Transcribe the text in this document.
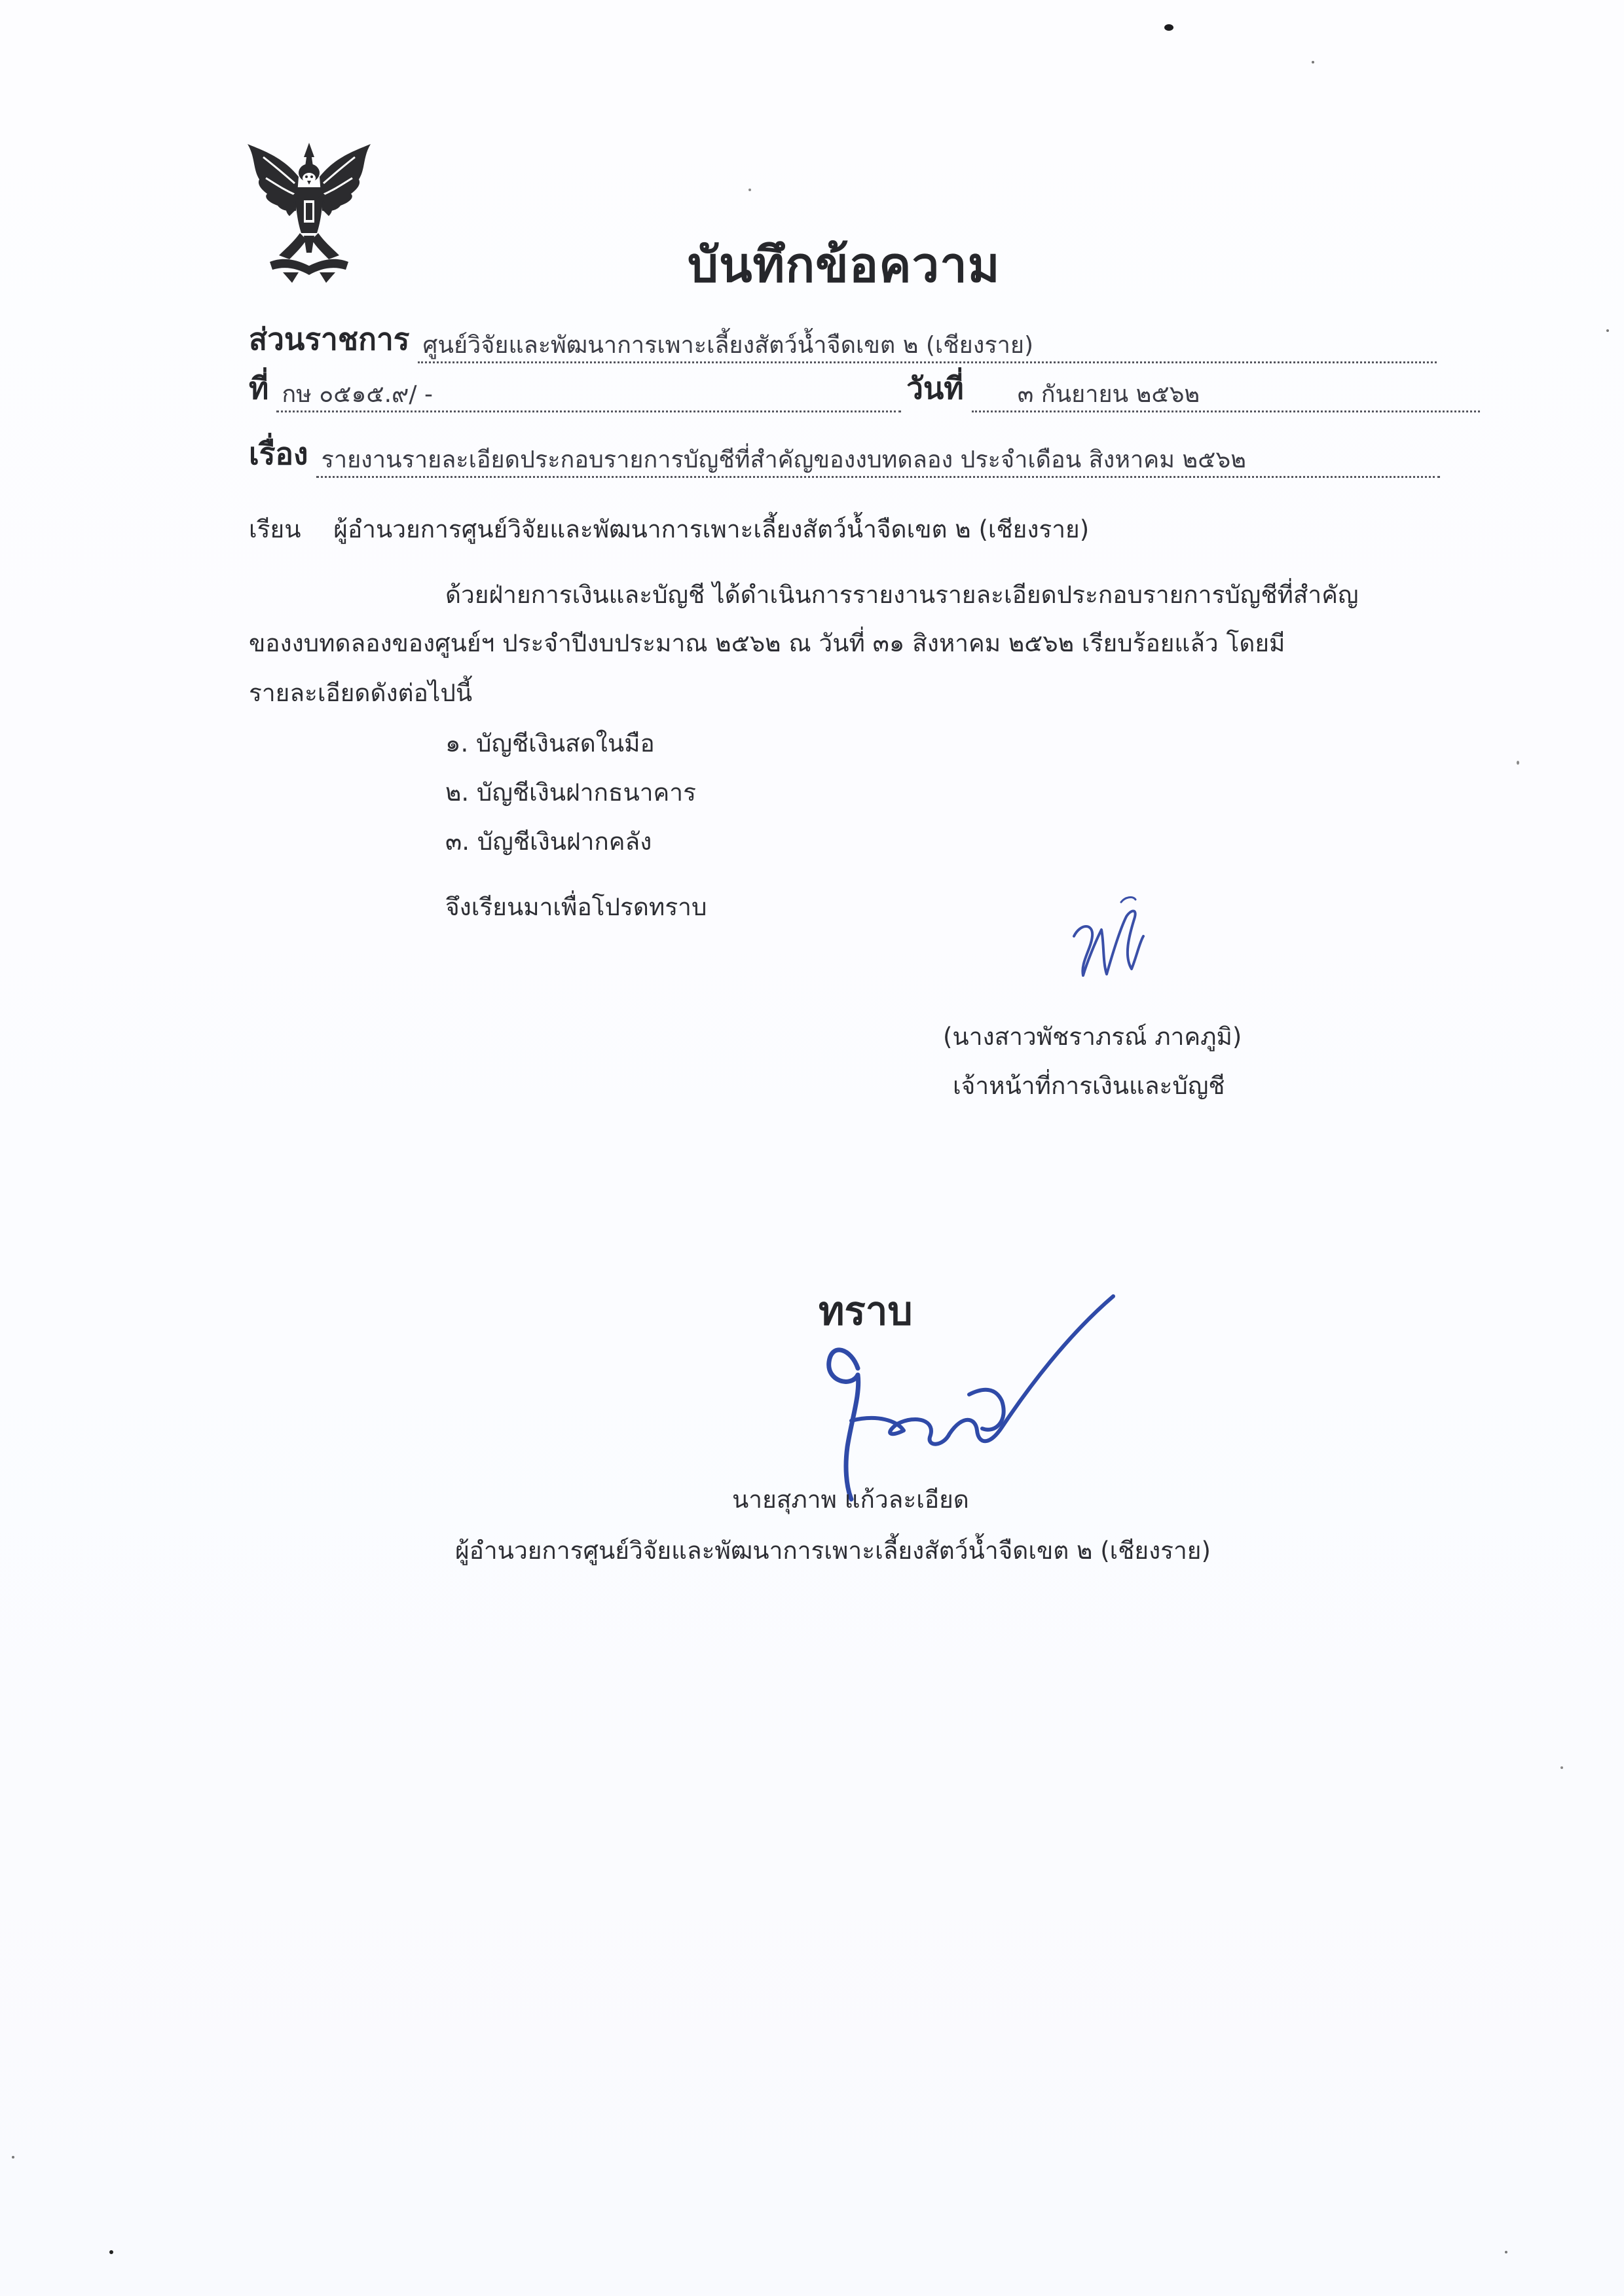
บันทึกข้อความ
ส่วนราชการ ศูนย์วิจัยและพัฒนาการเพาะเลี้ยงสัตว์น้ำจืดเขต ๒ (เชียงราย)
ที่ กษ ๐๕๑๕.๙/ -	วันที่	๓ กันยายน ๒๕๖๒
เรื่อง รายงานรายละเอียดประกอบรายการบัญชีที่สำคัญของงบทดลอง ประจำเดือน สิงหาคม ๒๕๖๒
เรียน ผู้อำนวยการศูนย์วิจัยและพัฒนาการเพาะเลี้ยงสัตว์น้ำจืดเขต ๒ (เชียงราย)
ด้วยฝ่ายการเงินและบัญชี ได้ดำเนินการรายงานรายละเอียดประกอบรายการบัญชีที่สำคัญ
ของงบทดลองของศูนย์ฯ ประจำปีงบประมาณ ๒๕๖๒ ณ วันที่ ๓๑ สิงหาคม ๒๕๖๒ เรียบร้อยแล้ว โดยมี
รายละเอียดดังต่อไปนี้
๑. บัญชีเงินสดในมือ
๒. บัญชีเงินฝากธนาคาร
๓. บัญชีเงินฝากคลัง
จึงเรียนมาเพื่อโปรดทราบ
(นางสาวพัชราภรณ์ ภาคภูมิ)
เจ้าหน้าที่การเงินและบัญชี
ทราบ
นายสุภาพ แก้วละเอียด
ผู้อำนวยการศูนย์วิจัยและพัฒนาการเพาะเลี้ยงสัตว์น้ำจืดเขต ๒ (เชียงราย)
